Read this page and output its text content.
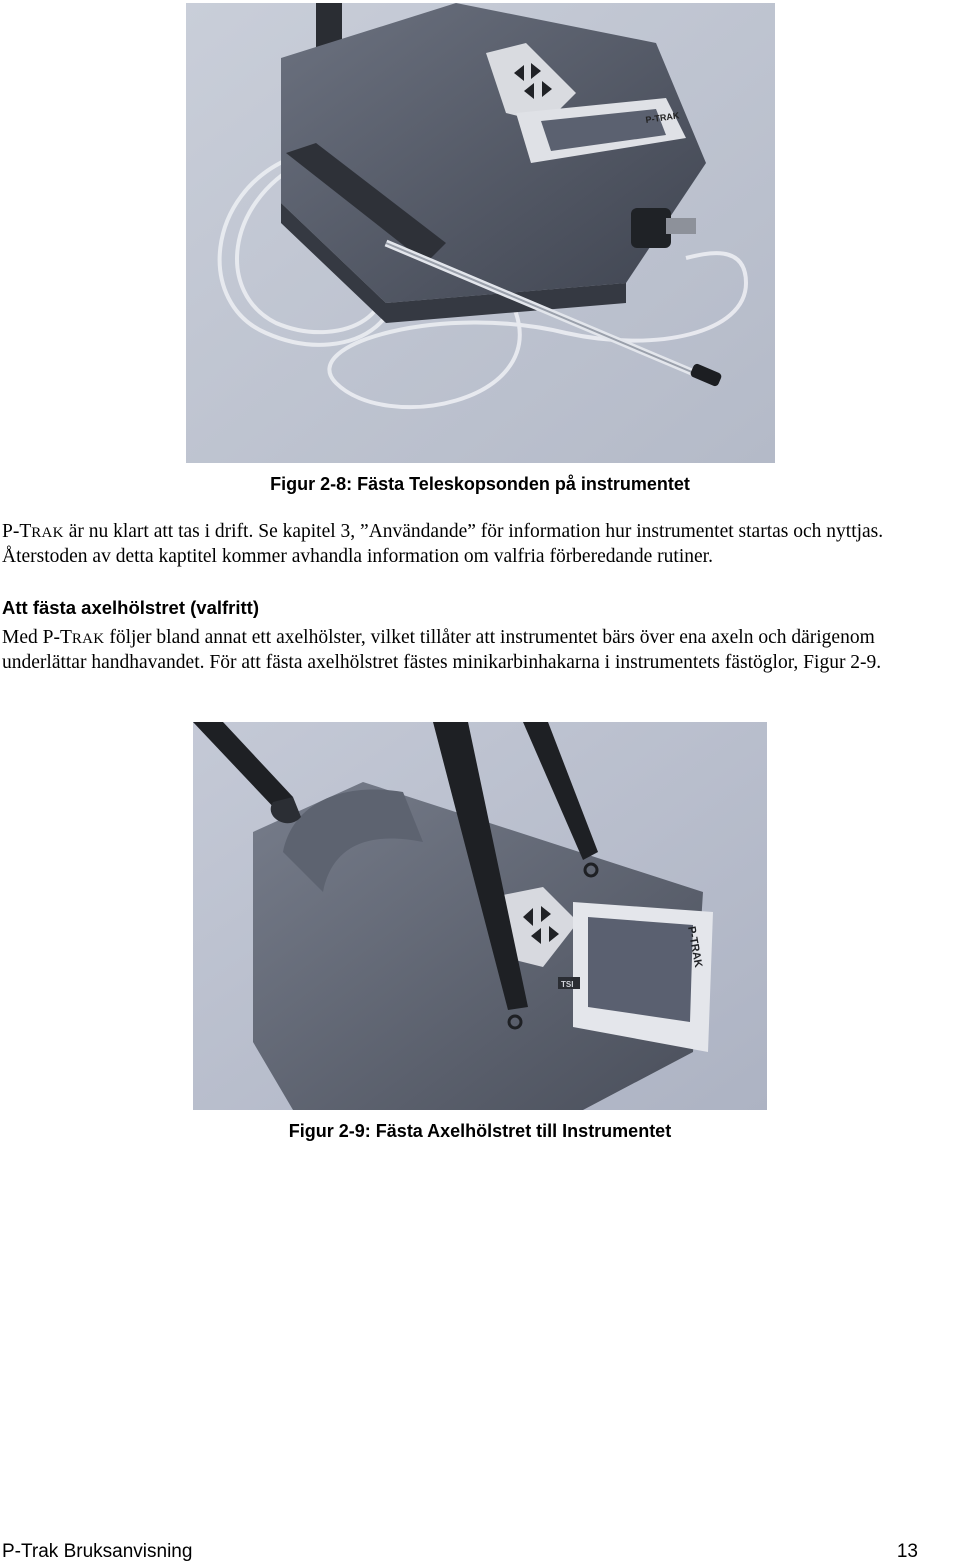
P-TRAK
Figur 2-8: Fästa Teleskopsonden på instrumentet

P-TRAK är nu klart att tas i drift. Se kapitel 3, ”Användande” för information hur instrumentet startas och nyttjas.
Återstoden av detta kaptitel kommer avhandla information om valfria förberedande rutiner.

Att fästa axelhölstret (valfritt)

Med P-TRAK följer bland annat ett axelhölster, vilket tillåter att instrumentet bärs över ena axeln och därigenom
underlättar handhavandet. För att fästa axelhölstret fästes minikarbinhakarna i instrumentets fästöglor, Figur 2-9.

P-TRAK
TSI
Figur 2-9: Fästa Axelhölstret till Instrumentet
P-Trak Bruksanvisning	13
